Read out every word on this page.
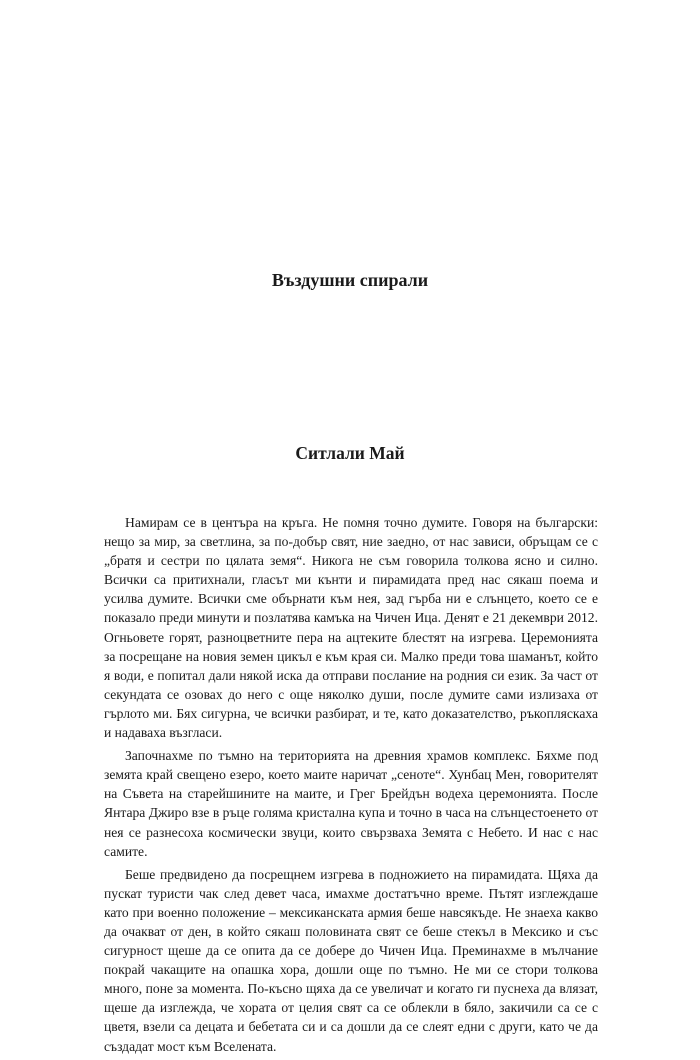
Въздушни спирали
Ситлали Май

Намирам се в центъра на кръга. Не помня точно думите. Говоря на български: нещо за мир, за светлина, за по-добър свят, ние заедно, от нас зависи, обръщам се с „братя и сестри по цялата земя“. Никога не съм говорила толкова ясно и силно. Всички са притихнали, гласът ми кънти и пирамидата пред нас сякаш поема и усилва думите. Всички сме обърнати към нея, зад гърба ни е слънцето, което се е показало преди минути и позлатява камъка на Чичен Ица. Денят е 21 декември 2012. Огньовете горят, разноцветните пера на ацтеките блестят на изгрева. Церемонията за посрещане на новия земен цикъл е към края си. Малко преди това шаманът, който я води, е попитал дали някой иска да отправи послание на родния си език. За част от секундата се озовах до него с още няколко души, после думите сами излизаха от гърлото ми. Бях сигурна, че всички разбират, и те, като доказателство, ръкопляскаха и надаваха възгласи.

Започнахме по тъмно на територията на древния храмов комплекс. Бяхме под земята край свещено езеро, което маите наричат „сеноте“. Хунбац Мен, говорителят на Съвета на старейшините на маите, и Грег Брейдън водеха церемонията. После Янтара Джиро взе в ръце голяма кристална купа и точно в часа на слънцестоенето от нея се разнесоха космически звуци, които свързваха Земята с Небето. И нас с нас самите.

Беше предвидено да посрещнем изгрева в подножието на пирамидата. Щяха да пускат туристи чак след девет часа, имахме достатъчно време. Пътят изглеждаше като при военно положение – мексиканската армия беше навсякъде. Не знаеха какво да очакват от ден, в който сякаш половината свят се беше стекъл в Мексико и със сигурност щеше да се опита да се добере до Чичен Ица. Преминахме в мълчание покрай чакащите на опашка хора, дошли още по тъмно. Не ми се стори толкова много, поне за момента. По-късно щяха да се увеличат и когато ги пуснеха да влязат, щеше да изглежда, че хората от целия свят са се облекли в бяло, закичили са се с цветя, взели са децата и бебетата си и са дошли да се слеят едни с други, като че да създадат мост към Вселената.
